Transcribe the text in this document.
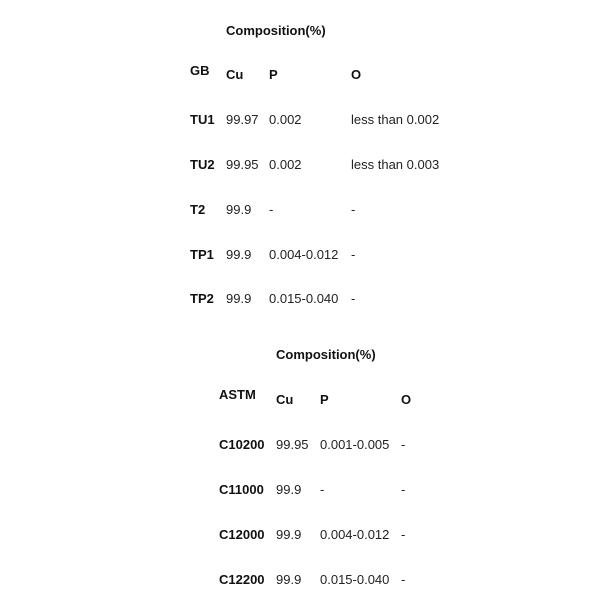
Composition(%)
GB Cu P	O
TU1 99.97 0.002	less than 0.002
TU2 99.95 0.002	less than 0.003
T2 99.9 -	-
TP1 99.9 0.004-0.012 -
TP2 99.9 0.015-0.040 -
Composition(%)
ASTM Cu P	O
C10200 99.95 0.001-0.005 -
C11000 99.9 -	-
C12000 99.9 0.004-0.012 -
C12200 99.9 0.015-0.040 -
